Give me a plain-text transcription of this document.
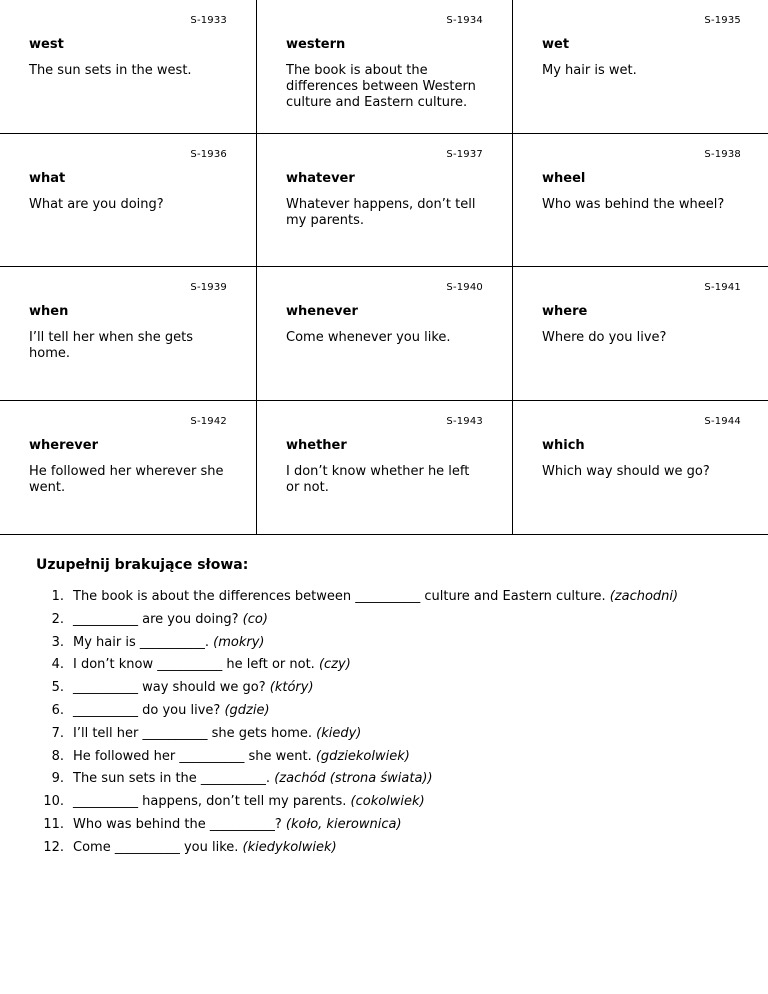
S-1933
west
The sun sets in the west.
S-1934
western
The book is about the differences between Western culture and Eastern culture.
S-1935
wet
My hair is wet.
S-1936
what
What are you doing?
S-1937
whatever
Whatever happens, don’t tell my parents.
S-1938
wheel
Who was behind the wheel?
S-1939
when
I’ll tell her when she gets home.
S-1940
whenever
Come whenever you like.
S-1941
where
Where do you live?
S-1942
wherever
He followed her wherever she went.
S-1943
whether
I don’t know whether he left or not.
S-1944
which
Which way should we go?
Uzupełnij brakujące słowa:
1. The book is about the differences between __________ culture and Eastern culture. (zachodni)
2. __________ are you doing? (co)
3. My hair is __________. (mokry)
4. I don’t know __________ he left or not. (czy)
5. __________ way should we go? (który)
6. __________ do you live? (gdzie)
7. I’ll tell her __________ she gets home. (kiedy)
8. He followed her __________ she went. (gdziekolwiek)
9. The sun sets in the __________. (zachód (strona świata))
10. __________ happens, don’t tell my parents. (cokolwiek)
11. Who was behind the __________? (koło, kierownica)
12. Come __________ you like. (kiedykolwiek)
